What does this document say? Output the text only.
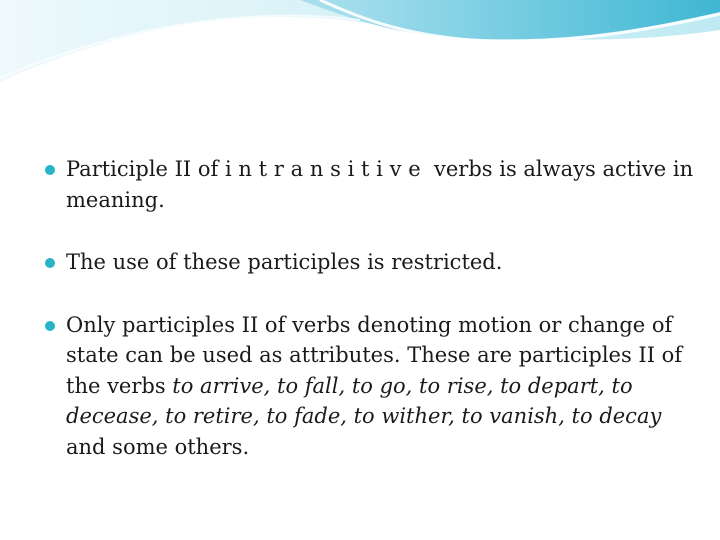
Participle II of intransitive verbs is always active in meaning.
The use of these participles is restricted.
Only participles II of verbs denoting motion or change of state can be used as attributes. These are participles II of the verbs to arrive, to fall, to go, to rise, to depart, to decease, to retire, to fade, to wither, to vanish, to decay and some others.
